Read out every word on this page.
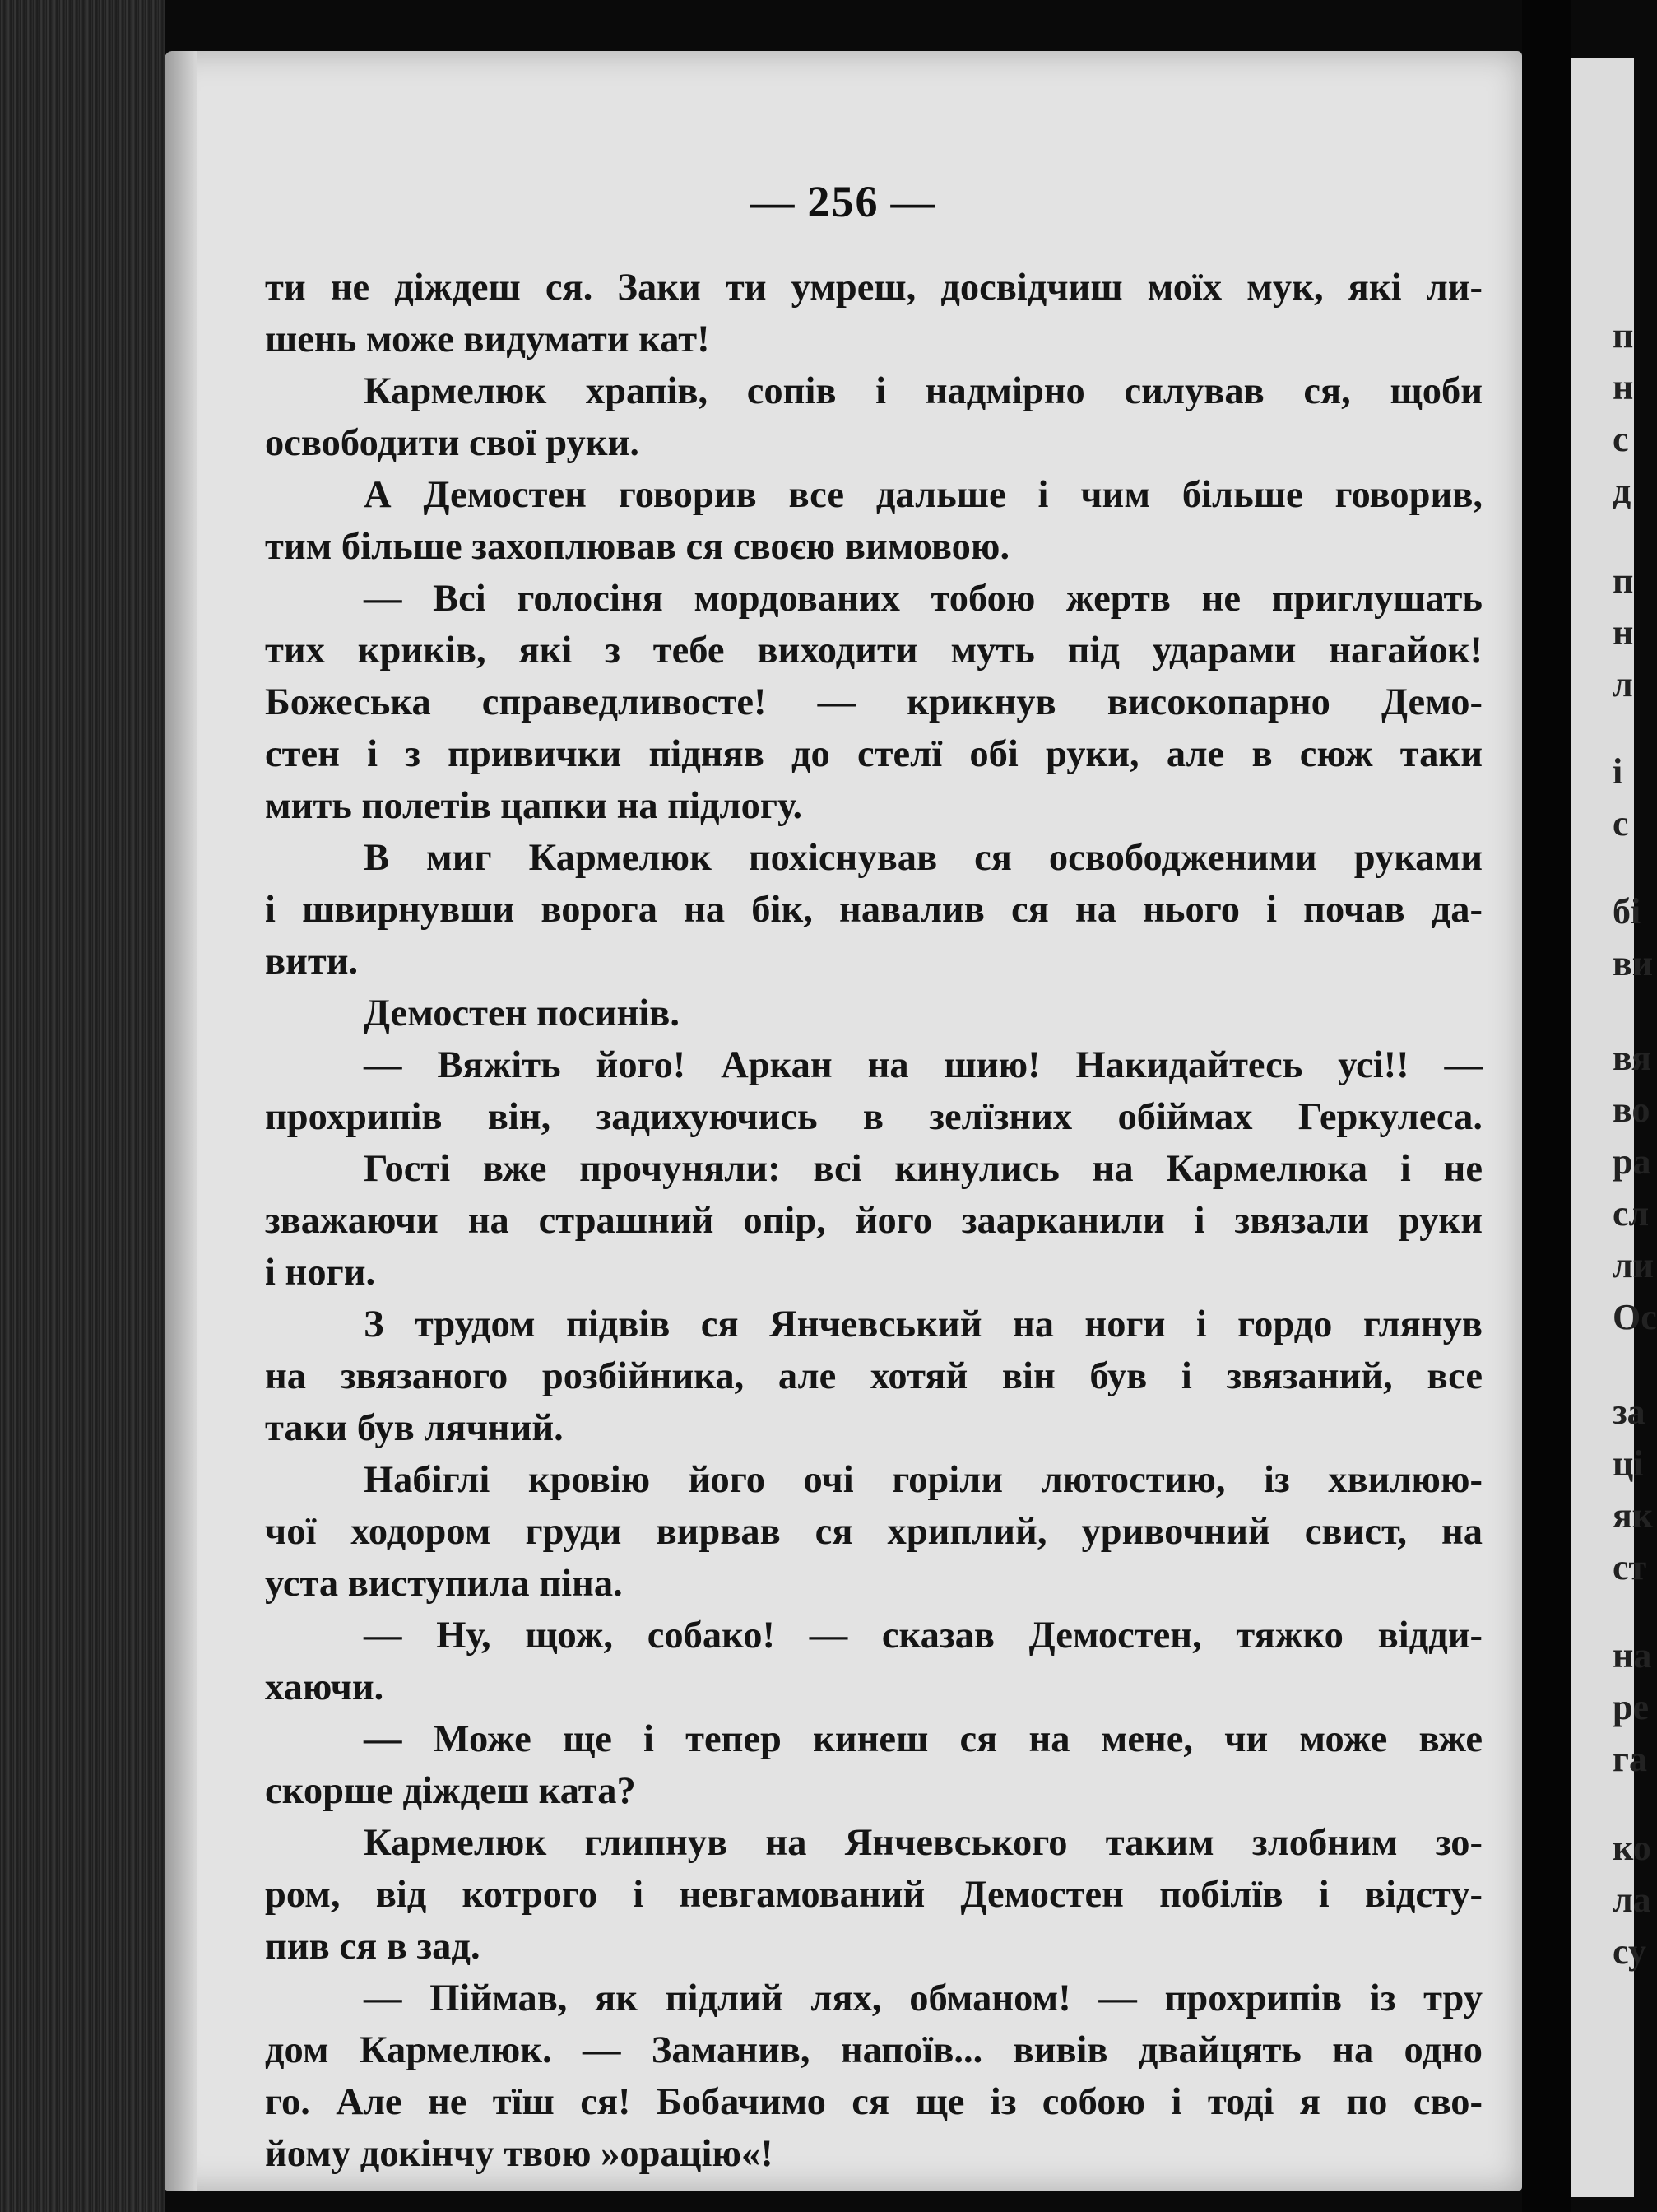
— 256 —
ти не діждеш ся. Заки ти умреш, досвідчиш моїх мук, які ли-
шень може видумати кат!
Кармелюк храпів, сопів і надмірно силував ся, щоби
освободити свої руки.
А Демостен говорив все дальше і чим більше говорив,
тим більше захоплював ся своєю вимовою.
— Всі голосіня мордованих тобою жертв не приглушать
тих криків, які з тебе виходити муть під ударами нагайок!
Божеська справедливосте! — крикнув високопарно Демо-
стен і з привички підняв до стелї обі руки, але в сюж таки
мить полетів цапки на підлогу.
В миг Кармелюк похіснував ся освободженими руками
і швирнувши ворога на бік, навалив ся на нього і почав да-
вити.
Демостен посинів.
— Вяжіть його! Аркан на шию! Накидайтесь усі!! —
прохрипів він, задихуючись в зелїзних обіймах Геркулеса.
Гості вже прочуняли: всі кинулись на Кармелюка і не
зважаючи на страшний опір, його заарканили і звязали руки
і ноги.
З трудом підвів ся Янчевський на ноги і гордо глянув
на звязаного розбійника, але хотяй він був і звязаний, все
таки був лячний.
Набіглі кровію його очі горіли лютостию, із хвилюю-
чої ходором груди вирвав ся хриплий, уривочний свист, на
уста виступила піна.
— Ну, щож, собако! — сказав Демостен, тяжко відди-
хаючи.
— Може ще і тепер кинеш ся на мене, чи може вже
скорше діждеш ката?
Кармелюк глипнув на Янчевського таким злобним зо-
ром, від котрого і невгамований Демостен побілїв і відсту-
пив ся в зад.
— Піймав, як підлий лях, обманом! — прохрипів із тру
дом Кармелюк. — Заманив, напоїв... вивів двайцять на одно
го. Але не тїш ся! Бобачимо ся ще із собою і тоді я по сво-
йому докінчу твою »орацію«!
п
н
с
д
п
н
л
і
с
бі
ви
вя
во
ра
сл
ли
Ос
за
ці
як
ст
на
ре
га
ко
ла
су
